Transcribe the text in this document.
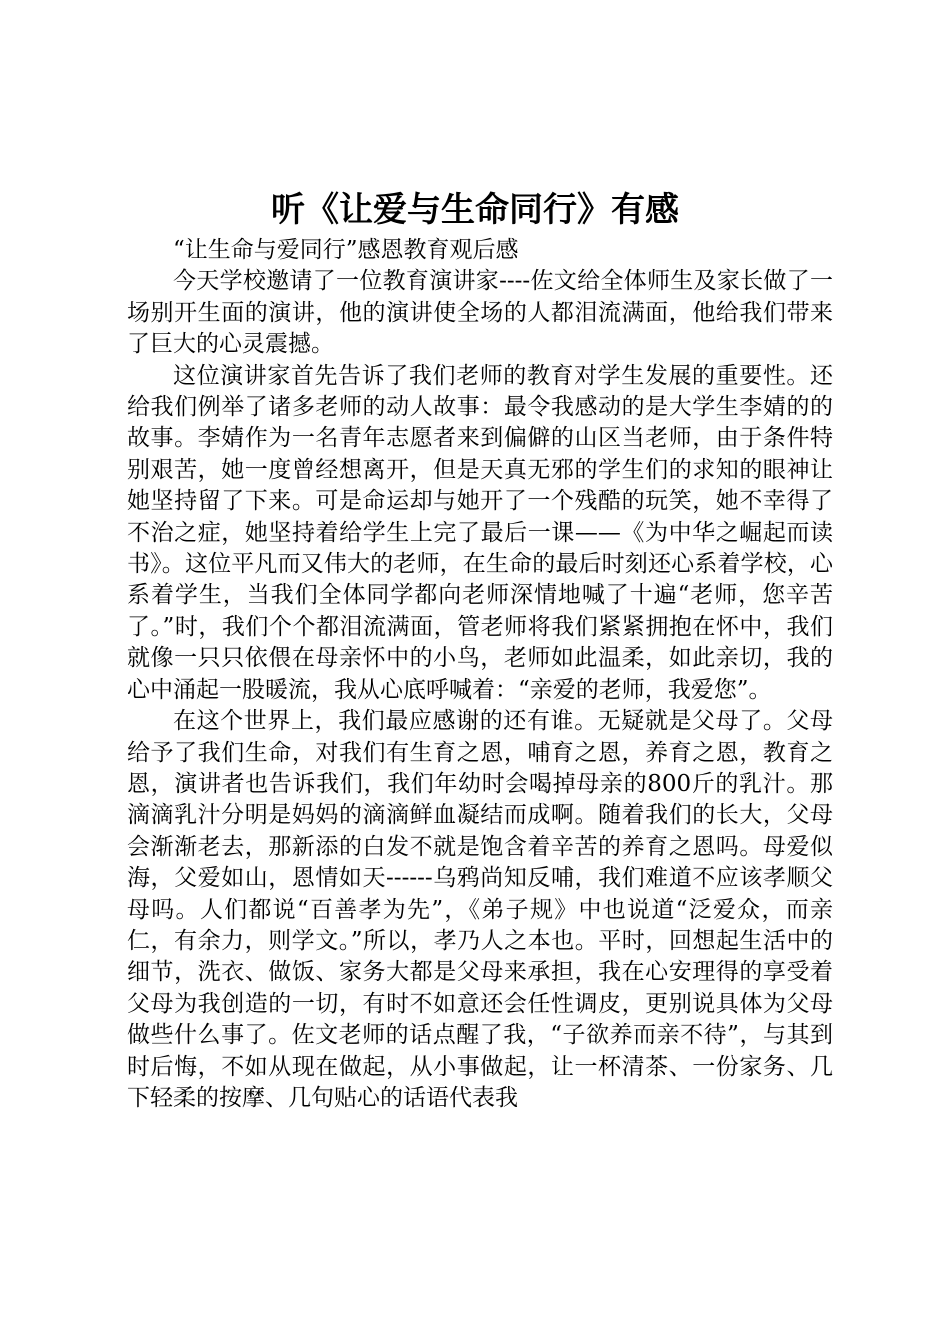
听《让爱与生命同行》有感

“让生命与爱同行”感恩教育观后感

今天学校邀请了一位教育演讲家----佐文给全体师生及家长做了一场别开生面的演讲，他的演讲使全场的人都泪流满面，他给我们带来了巨大的心灵震撼。

这位演讲家首先告诉了我们老师的教育对学生发展的重要性。还给我们例举了诸多老师的动人故事：最令我感动的是大学生李婧的的故事。李婧作为一名青年志愿者来到偏僻的山区当老师，由于条件特别艰苦，她一度曾经想离开，但是天真无邪的学生们的求知的眼神让她坚持留了下来。可是命运却与她开了一个残酷的玩笑，她不幸得了不治之症，她坚持着给学生上完了最后一课——《为中华之崛起而读书》。这位平凡而又伟大的老师，在生命的最后时刻还心系着学校，心系着学生，当我们全体同学都向老师深情地喊了十遍“老师，您辛苦了。”时，我们个个都泪流满面，管老师将我们紧紧拥抱在怀中，我们就像一只只依偎在母亲怀中的小鸟，老师如此温柔，如此亲切，我的心中涌起一股暖流，我从心底呼喊着：“亲爱的老师，我爱您”。

在这个世界上，我们最应感谢的还有谁。无疑就是父母了。父母给予了我们生命，对我们有生育之恩，哺育之恩，养育之恩，教育之恩，演讲者也告诉我们，我们年幼时会喝掉母亲的800斤的乳汁。那滴滴乳汁分明是妈妈的滴滴鲜血凝结而成啊。随着我们的长大，父母会渐渐老去，那新添的白发不就是饱含着辛苦的养育之恩吗。母爱似海，父爱如山，恩情如天------乌鸦尚知反哺，我们难道不应该孝顺父母吗。人们都说“百善孝为先”，《弟子规》中也说道“泛爱众，而亲仁，有余力，则学文。”所以，孝乃人之本也。平时，回想起生活中的细节，洗衣、做饭、家务大都是父母来承担，我在心安理得的享受着父母为我创造的一切，有时不如意还会任性调皮，更别说具体为父母做些什么事了。佐文老师的话点醒了我，“子欲养而亲不待”，与其到时后悔，不如从现在做起，从小事做起，让一杯清茶、一份家务、几下轻柔的按摩、几句贴心的话语代表我
